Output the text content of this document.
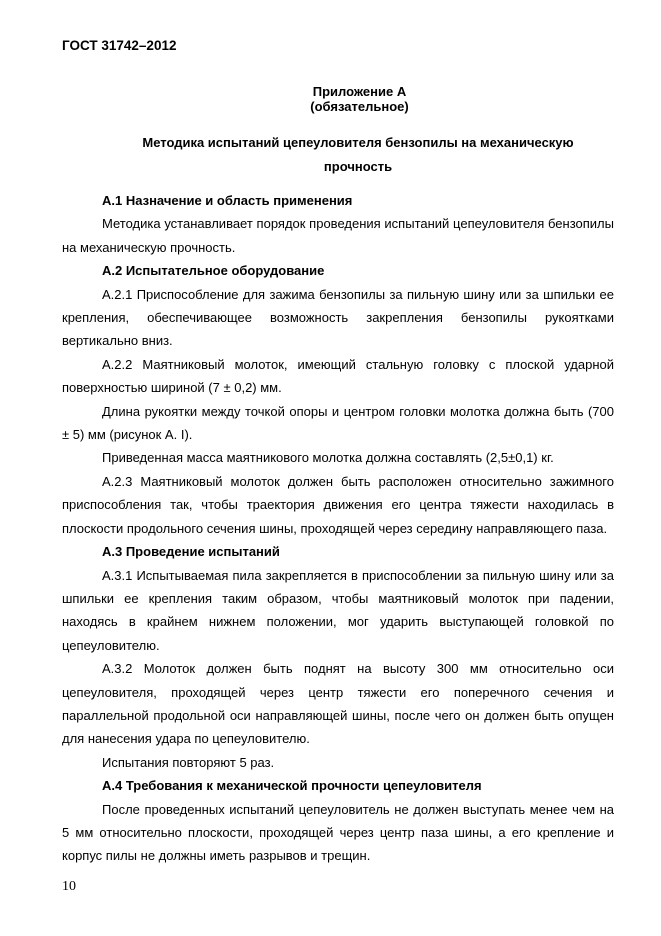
ГОСТ 31742–2012
Приложение А
(обязательное)
Методика испытаний цепеуловителя бензопилы на механическую
прочность

А.1 Назначение и область применения

Методика устанавливает порядок проведения испытаний цепеуловителя бензопилы на механическую прочность.

А.2 Испытательное оборудование

А.2.1 Приспособление для зажима бензопилы за пильную шину или за шпильки ее крепления, обеспечивающее возможность закрепления бензопилы рукоятками вертикально вниз.

А.2.2 Маятниковый молоток, имеющий стальную головку с плоской ударной поверхностью шириной (7 ± 0,2) мм.

Длина рукоятки между точкой опоры и центром головки молотка должна быть (700 ± 5) мм (рисунок А. I).

Приведенная масса маятникового молотка должна составлять (2,5±0,1) кг.

А.2.3 Маятниковый молоток должен быть расположен относительно зажимного приспособления так, чтобы траектория движения его центра тяжести находилась в плоскости продольного сечения шины, проходящей через середину направляющего паза.

А.3 Проведение испытаний

А.3.1 Испытываемая пила закрепляется в приспособлении за пильную шину или за шпильки ее крепления таким образом, чтобы маятниковый молоток при падении, находясь в крайнем нижнем положении, мог ударить выступающей головкой по цепеуловителю.

А.3.2 Молоток должен быть поднят на высоту 300 мм относительно оси цепеуловителя, проходящей через центр тяжести его поперечного сечения и параллельной продольной оси направляющей шины, после чего он должен быть опущен для нанесения удара по цепеуловителю.

Испытания повторяют 5 раз.

А.4 Требования к механической прочности цепеуловителя

После проведенных испытаний цепеуловитель не должен выступать менее чем на 5 мм относительно плоскости, проходящей через центр паза шины, а его крепление и корпус пилы не должны иметь разрывов и трещин.

10
